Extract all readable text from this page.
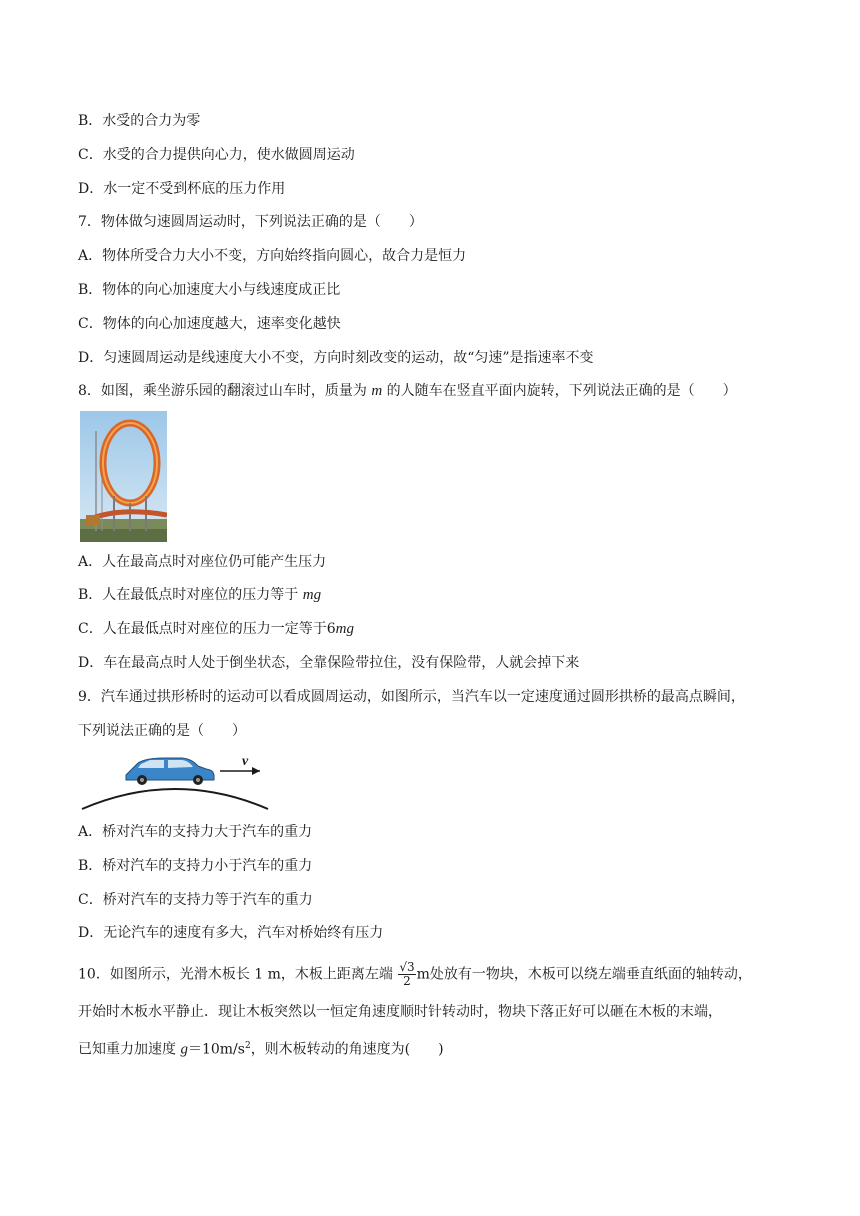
B．水受的合力为零
C．水受的合力提供向心力，使水做圆周运动
D．水一定不受到杯底的压力作用
7．物体做匀速圆周运动时，下列说法正确的是（　　）
A．物体所受合力大小不变，方向始终指向圆心，故合力是恒力
B．物体的向心加速度大小与线速度成正比
C．物体的向心加速度越大，速率变化越快
D．匀速圆周运动是线速度大小不变，方向时刻改变的运动，故“匀速”是指速率不变
8．如图，乘坐游乐园的翻滚过山车时，质量为 m 的人随车在竖直平面内旋转，下列说法正确的是（　　）
A．人在最高点时对座位仍可能产生压力
B．人在最低点时对座位的压力等于 mg
C．人在最低点时对座位的压力一定等于6mg
D．车在最高点时人处于倒坐状态，全靠保险带拉住，没有保险带，人就会掉下来
9．汽车通过拱形桥时的运动可以看成圆周运动，如图所示，当汽车以一定速度通过圆形拱桥的最高点瞬间，
下列说法正确的是（　　）
v
A．桥对汽车的支持力大于汽车的重力
B．桥对汽车的支持力小于汽车的重力
C．桥对汽车的支持力等于汽车的重力
D．无论汽车的速度有多大，汽车对桥始终有压力
10．如图所示，光滑木板长 1 m，木板上距离左端 $\frac{√3}{2}$ m处放有一物块，木板可以绕左端垂直纸面的轴转动，
开始时木板水平静止．现让木板突然以一恒定角速度顺时针转动时，物块下落正好可以砸在木板的末端，
已知重力加速度 $g=10m/s^2$，则木板转动的角速度为(　　)
